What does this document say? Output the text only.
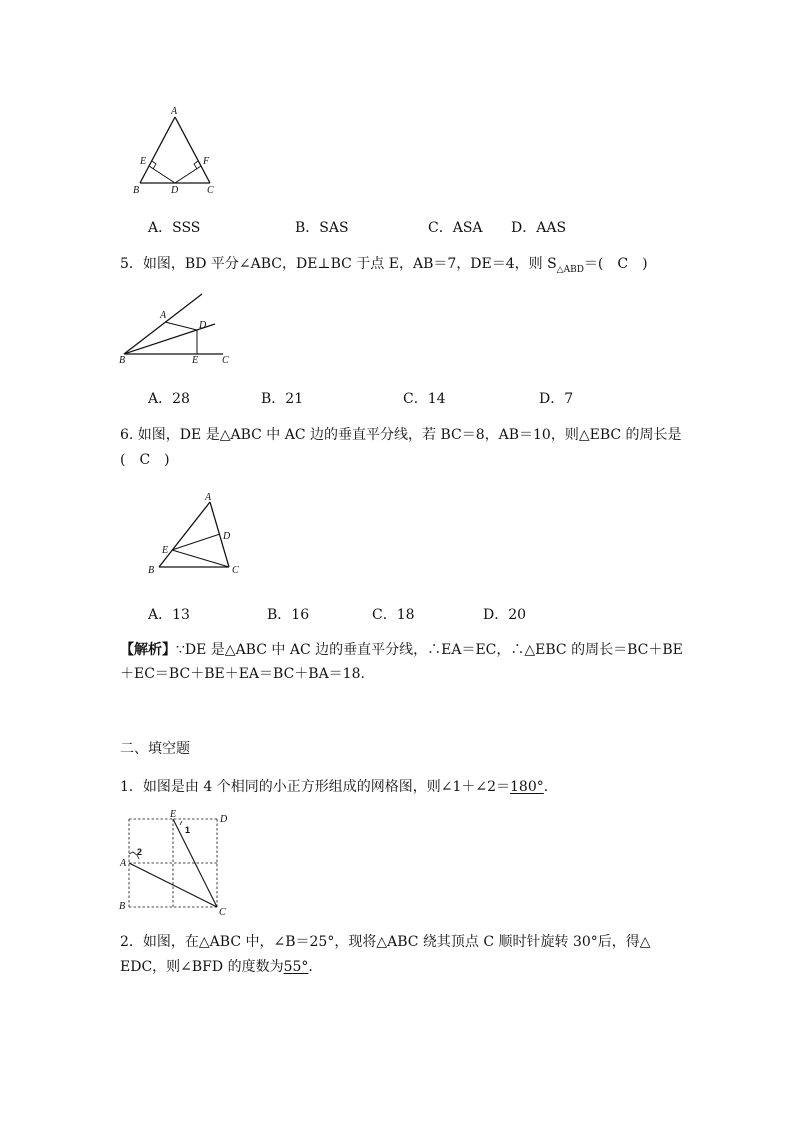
A
B	C
D
E	F
A．SSS	B．SAS	C．ASA D．AAS
5．如图，BD 平分∠ABC，DE⊥BC 于点 E，AB＝7，DE＝4，则 $S_{\triangle ABD}=$(　C　)
A
D
B	E C
A．28	B．21	C．14	D．7
6. 如图，DE 是△ABC 中 AC 边的垂直平分线，若 BC＝8，AB＝10，则△EBC 的周长是
(　C　)
A
D
E
B	C
A．13	B．16	C．18	D．20
【解析】∵DE 是△ABC 中 AC 边的垂直平分线，∴EA＝EC，∴△EBC 的周长＝BC＋BE
＋EC＝BC＋BE＋EA＝BC＋BA＝18.
二、填空题
1．如图是由 4 个相同的小正方形组成的网格图，则∠1＋∠2＝180°．
E	D
A
B
C
1
2
2．如图，在△ABC 中，∠B＝25°，现将△ABC 绕其顶点 C 顺时针旋转 30°后，得△
EDC，则∠BFD 的度数为55°．
